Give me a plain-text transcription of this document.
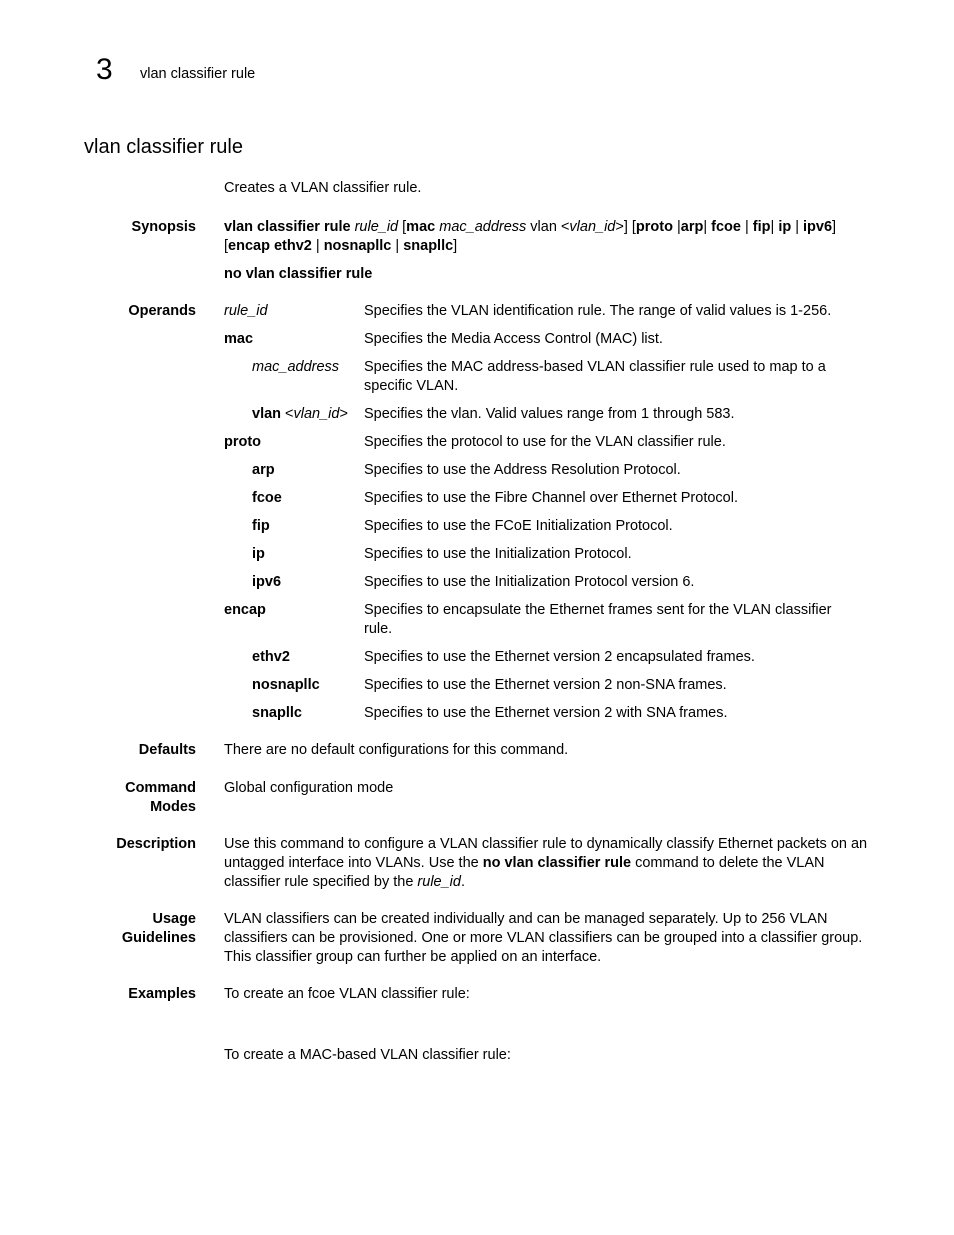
3 vlan classifier rule
vlan classifier rule
Creates a VLAN classifier rule.
Synopsis vlan classifier rule rule_id [mac mac_address vlan <vlan_id>] [proto |arp| fcoe | fip| ip | ipv6]
[encap ethv2 | nosnapllc | snapllc]
no vlan classifier rule
Operands rule_id	Specifies the VLAN identification rule. The range of valid values is 1-256.
mac	Specifies the Media Access Control (MAC) list.
mac_address Specifies the MAC address-based VLAN classifier rule used to map to a specific VLAN.
vlan <vlan_id> Specifies the vlan. Valid values range from 1 through 583.
proto	Specifies the protocol to use for the VLAN classifier rule.
arp	Specifies to use the Address Resolution Protocol.
fcoe	Specifies to use the Fibre Channel over Ethernet Protocol.
fip	Specifies to use the FCoE Initialization Protocol.
ip	Specifies to use the Initialization Protocol.
ipv6	Specifies to use the Initialization Protocol version 6.
encap	Specifies to encapsulate the Ethernet frames sent for the VLAN classifier rule.
ethv2	Specifies to use the Ethernet version 2 encapsulated frames.
nosnapllc	Specifies to use the Ethernet version 2 non-SNA frames.
snapllc	Specifies to use the Ethernet version 2 with SNA frames.
Defaults There are no default configurations for this command.
Command
Modes
Global configuration mode
Description Use this command to configure a VLAN classifier rule to dynamically classify Ethernet packets on an untagged interface into VLANs. Use the no vlan classifier rule command to delete the VLAN classifier rule specified by the rule_id.
Usage
Guidelines
VLAN classifiers can be created individually and can be managed separately. Up to 256 VLAN classifiers can be provisioned. One or more VLAN classifiers can be grouped into a classifier group. This classifier group can further be applied on an interface.
Examples To create an fcoe VLAN classifier rule:
To create a MAC-based VLAN classifier rule:
